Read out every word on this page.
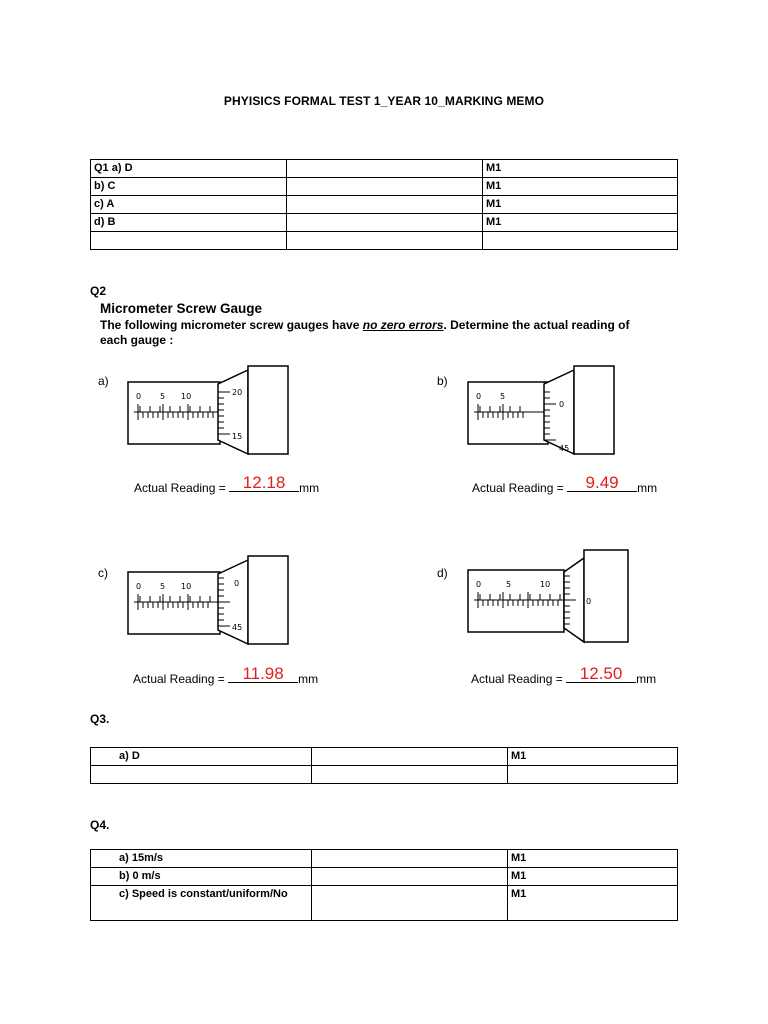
PHYISICS FORMAL TEST 1_YEAR 10_MARKING MEMO
Q1 a) D		M1
b) C		M1
c) A		M1
d) B		M1

Q2
Micrometer Screw Gauge
The following micrometer screw gauges have no zero errors. Determine the actual reading of
each gauge :
a)
0 5 10	20
15
Actual Reading =	12.18	mm
b)
0 5
0
45
Actual Reading =	9.49	mm
c)
0 5 10	0
45
Actual Reading =	11.98	mm
d)
0	5	10
0
Actual Reading =	12.50	mm
Q3.
a) D		M1

Q4.
a) 15m/s		M1
b) 0 m/s		M1
c) Speed is constant/uniform/No		M1
